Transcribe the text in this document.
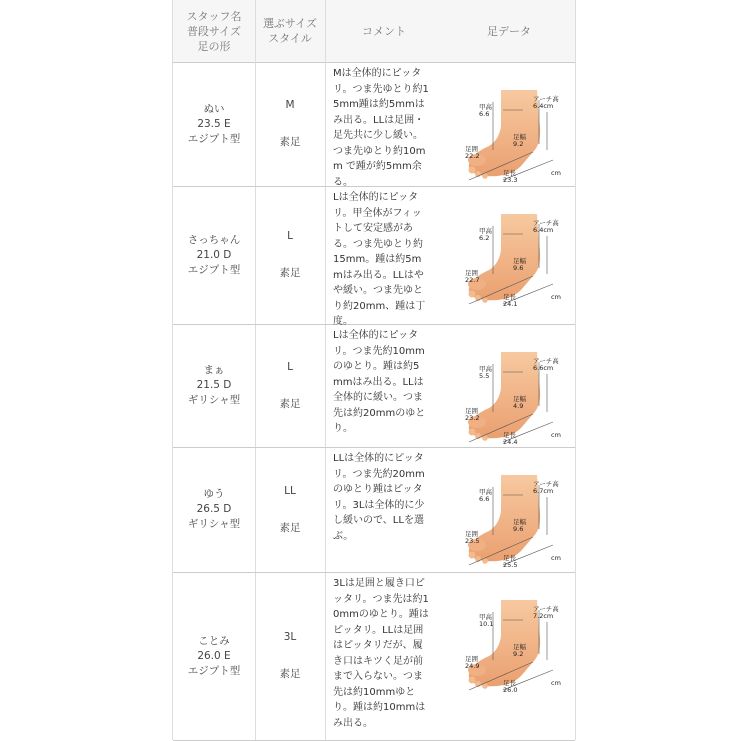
スタッフ名
普段サイズ
足の形
選ぶサイズ
スタイル
コメント	足データ
ぬい
23.5 E
エジプト型
M
素足
Mは全体的にピッタリ。つま先ゆとり約15mm踵は約5mmはみ出る。LLは足囲・足先共に少し緩い。つま先ゆとり約10mm で踵が約5mm余る。
アーチ高
6.4cm
甲高
6.6
足幅
9.2
足囲
22.2
足長
23.3
cm
さっちゃん
21.0 D
エジプト型
L
素足
Lは全体的にピッタリ。甲全体がフィットして安定感がある。つま先ゆとり約15mm。踵は約5mmはみ出る。LLはやや緩い。つま先ゆとり約20mm、踵は丁度。
アーチ高
6.4cm
甲高
6.2
足幅
9.6
足囲
22.7
足長
24.1
cm
まぁ
21.5 D
ギリシャ型
L
素足
Lは全体的にピッタリ。つま先約10mmのゆとり。踵は約5mmはみ出る。LLは全体的に緩い。つま先は約20mmのゆとり。
アーチ高
6.6cm
甲高
5.5
足幅
4.9
足囲
23.2
足長
24.4
cm
ゆう
26.5 D
ギリシャ型
LL
素足
LLは全体的にピッタリ。つま先約20mmのゆとり踵はピッタリ。3Lは全体的に少し緩いので、LLを選ぶ。
アーチ高
6.7cm
甲高
6.6
足幅
9.6
足囲
23.5
足長
25.5
cm
ことみ
26.0 E
エジプト型
3L
素足
3Lは足囲と履き口ピッタリ。つま先は約10mmのゆとり。踵はピッタリ。LLは足囲はピッタリだが、履き口はキツく足が前まで入らない。つま先は約10mmゆとり。踵は約10mmはみ出る。
アーチ高
7.2cm
甲高
10.1
足幅
9.2
足囲
24.9
足長
26.0
cm
